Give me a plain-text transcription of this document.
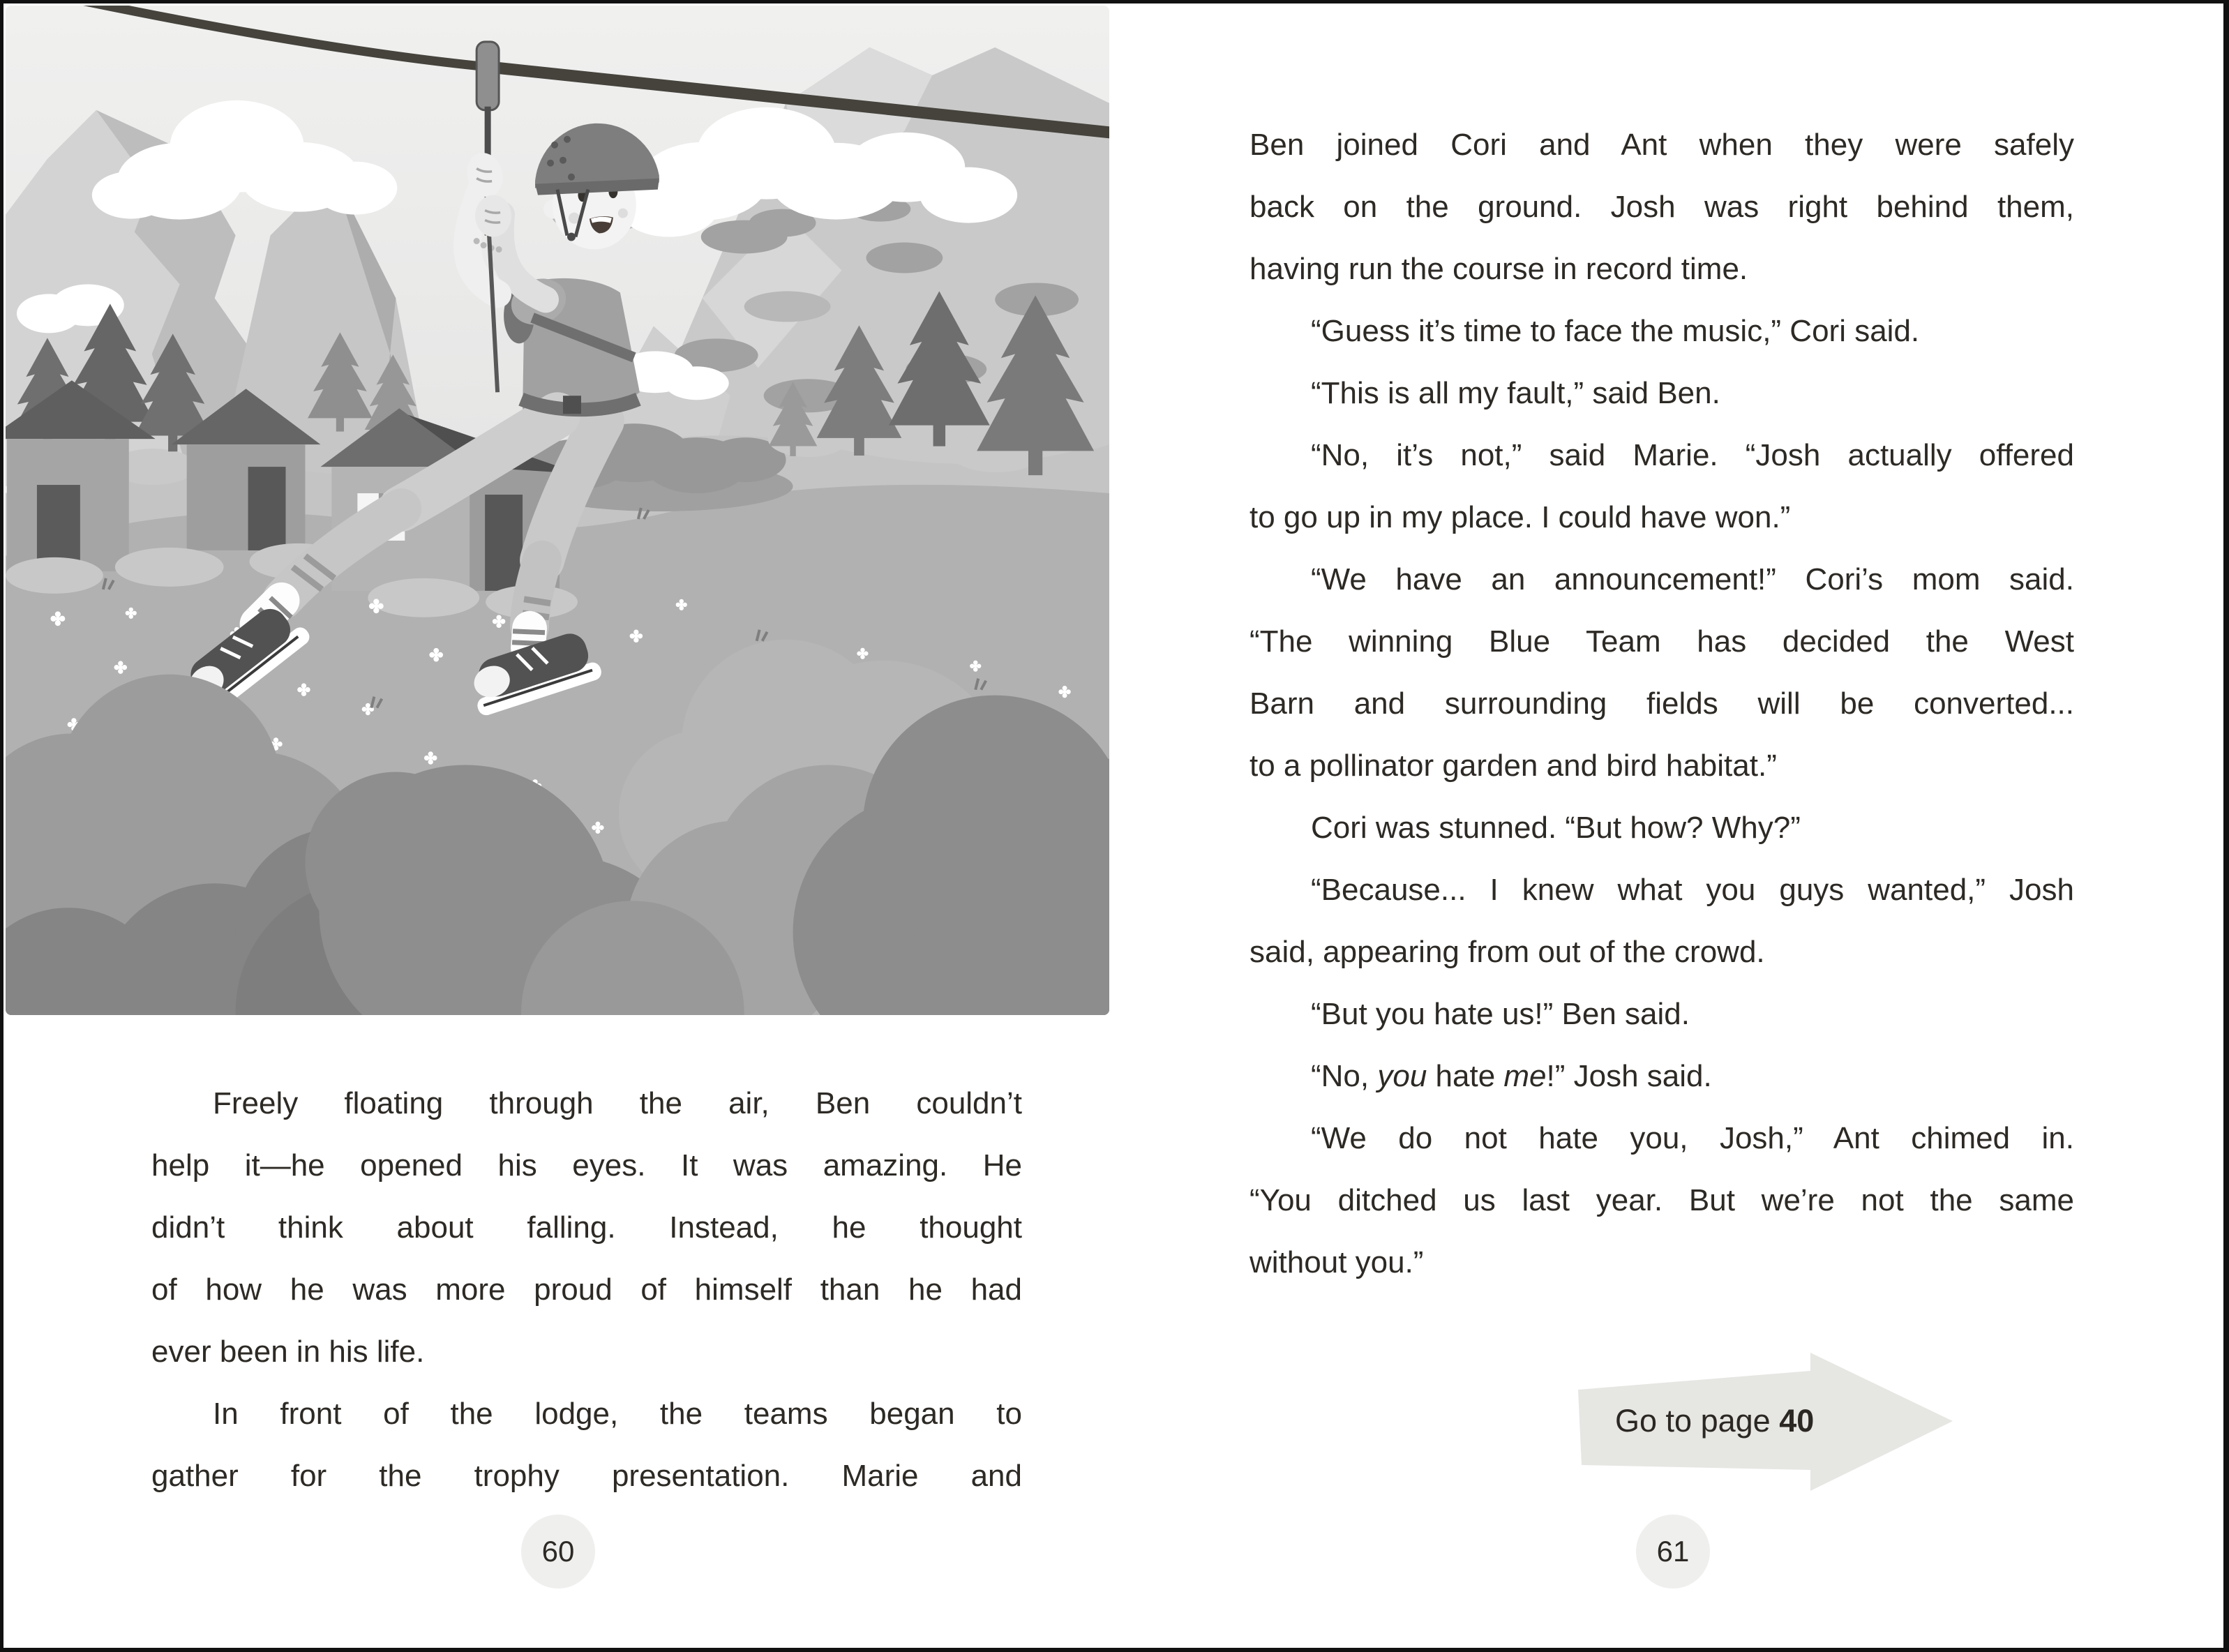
Freely floating through the air, Ben couldn’t
help it—he opened his eyes. It was amazing. He
didn’t think about falling. Instead, he thought
of how he was more proud of himself than he had
ever been in his life.
In front of the lodge, the teams began to
gather for the trophy presentation. Marie and
60
Ben joined Cori and Ant when they were safely
back on the ground. Josh was right behind them,
having run the course in record time.
“Guess it’s time to face the music,” Cori said.
“This is all my fault,” said Ben.
“No, it’s not,” said Marie. “Josh actually offered
to go up in my place. I could have won.”
“We have an announcement!” Cori’s mom said.
“The winning Blue Team has decided the West
Barn and surrounding fields will be converted...
to a pollinator garden and bird habitat.”
Cori was stunned. “But how? Why?”
“Because... I knew what you guys wanted,” Josh
said, appearing from out of the crowd.
“But you hate us!” Ben said.
“No, you hate me!” Josh said.
“We do not hate you, Josh,” Ant chimed in.
“You ditched us last year. But we’re not the same
without you.”
Go to page 40
61
